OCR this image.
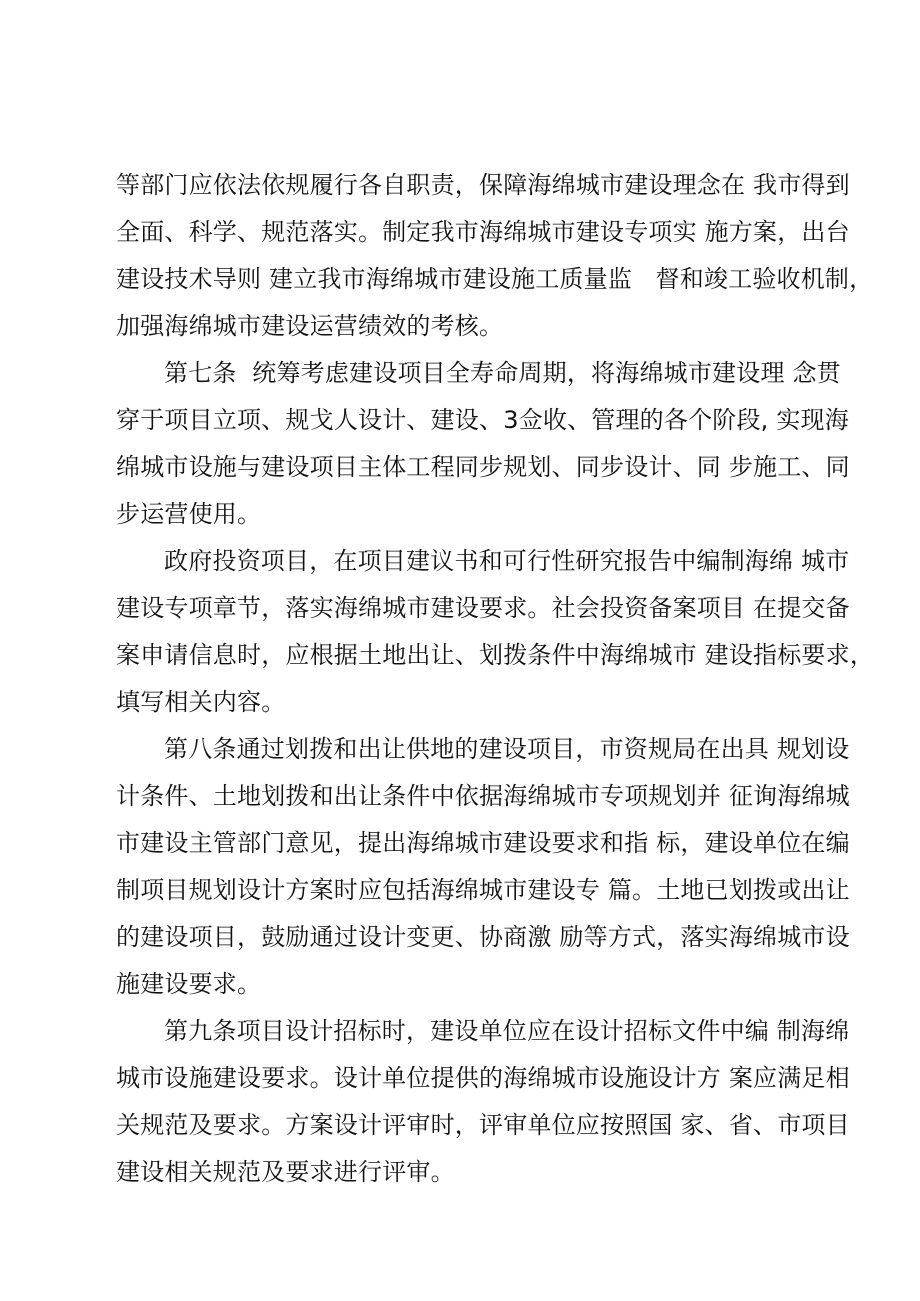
等部门应依法依规履行各自职责，保障海绵城市建设理念在 我市得到
全面、科学、规范落实。制定我市海绵城市建设专项实 施方案，出台
建设技术导则 建立我市海绵城市建设施工质量监   督和竣工验收机制，
加强海绵城市建设运营绩效的考核。
第七条  统筹考虑建设项目全寿命周期，将海绵城市建设理 念贯
穿于项目立项、规戈人设计、建设、3佥收、管理的各个阶段, 实现海
绵城市设施与建设项目主体工程同步规划、同步设计、同 步施工、同
步运营使用。
政府投资项目，在项目建议书和可行性研究报告中编制海绵 城市
建设专项章节，落实海绵城市建设要求。社会投资备案项目 在提交备
案申请信息时，应根据土地出让、划拨条件中海绵城市 建设指标要求，
填写相关内容。
第八条通过划拨和出让供地的建设项目，市资规局在出具 规划设
计条件、土地划拨和出让条件中依据海绵城市专项规划并 征询海绵城
市建设主管部门意见，提出海绵城市建设要求和指 标，建设单位在编
制项目规划设计方案时应包括海绵城市建设专 篇。土地已划拨或出让
的建设项目，鼓励通过设计变更、协商激 励等方式，落实海绵城市设
施建设要求。
第九条项目设计招标时，建设单位应在设计招标文件中编 制海绵
城市设施建设要求。设计单位提供的海绵城市设施设计方 案应满足相
关规范及要求。方案设计评审时，评审单位应按照国 家、省、市项目
建设相关规范及要求进行评审。
